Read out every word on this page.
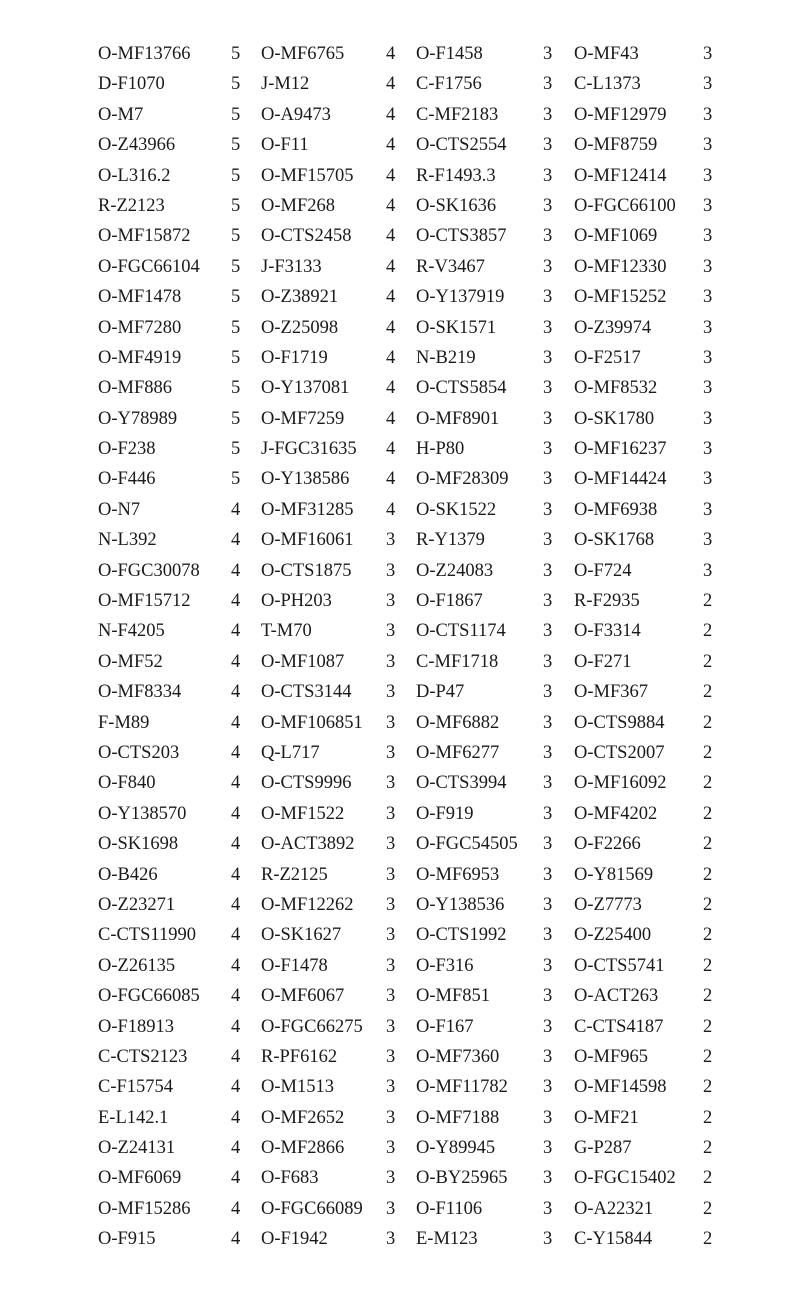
O-MF13766 5 O-MF6765 4 O-F1458	3 O-MF43	3
D-F1070	5 J-M12	4 C-F1756	3 C-L1373	3
O-M7	5 O-A9473	4 C-MF2183 3 O-MF12979 3
O-Z43966	5 O-F11	4 O-CTS2554 3 O-MF8759 3
O-L316.2	5 O-MF15705 4 R-F1493.3	3 O-MF12414 3
R-Z2123	5 O-MF268	4 O-SK1636	3 O-FGC66100 3
O-MF15872 5 O-CTS2458 4 O-CTS3857 3 O-MF1069 3
O-FGC66104 5 J-F3133	4 R-V3467	3 O-MF12330 3
O-MF1478	5 O-Z38921	4 O-Y137919 3 O-MF15252 3
O-MF7280	5 O-Z25098	4 O-SK1571	3 O-Z39974	3
O-MF4919	5 O-F1719	4 N-B219	3 O-F2517	3
O-MF886	5 O-Y137081 4 O-CTS5854 3 O-MF8532 3
O-Y78989	5 O-MF7259 4 O-MF8901 3 O-SK1780	3
O-F238	5 J-FGC31635 4 H-P80	3 O-MF16237 3
O-F446	5 O-Y138586 4 O-MF28309 3 O-MF14424 3
O-N7	4 O-MF31285 4 O-SK1522	3 O-MF6938 3
N-L392	4 O-MF16061 3 R-Y1379	3 O-SK1768	3
O-FGC30078 4 O-CTS1875 3 O-Z24083	3 O-F724	3
O-MF15712 4 O-PH203	3 O-F1867	3 R-F2935	2
N-F4205	4 T-M70	3 O-CTS1174 3 O-F3314	2
O-MF52	4 O-MF1087 3 C-MF1718 3 O-F271	2
O-MF8334	4 O-CTS3144 3 D-P47	3 O-MF367	2
F-M89	4 O-MF106851 3 O-MF6882 3 O-CTS9884 2
O-CTS203	4 Q-L717	3 O-MF6277 3 O-CTS2007 2
O-F840	4 O-CTS9996 3 O-CTS3994 3 O-MF16092 2
O-Y138570 4 O-MF1522 3 O-F919	3 O-MF4202 2
O-SK1698	4 O-ACT3892 3 O-FGC54505 3 O-F2266	2
O-B426	4 R-Z2125	3 O-MF6953 3 O-Y81569	2
O-Z23271	4 O-MF12262 3 O-Y138536 3 O-Z7773	2
C-CTS11990 4 O-SK1627 3 O-CTS1992 3 O-Z25400	2
O-Z26135	4 O-F1478	3 O-F316	3 O-CTS5741 2
O-FGC66085 4 O-MF6067 3 O-MF851	3 O-ACT263 2
O-F18913	4 O-FGC66275 3 O-F167	3 C-CTS4187 2
C-CTS2123 4 R-PF6162	3 O-MF7360 3 O-MF965	2
C-F15754	4 O-M1513	3 O-MF11782 3 O-MF14598 2
E-L142.1	4 O-MF2652 3 O-MF7188 3 O-MF21	2
O-Z24131	4 O-MF2866 3 O-Y89945	3 G-P287	2
O-MF6069	4 O-F683	3 O-BY25965 3 O-FGC15402 2
O-MF15286 4 O-FGC66089 3 O-F1106	3 O-A22321	2
O-F915	4 O-F1942	3 E-M123	3 C-Y15844	2
